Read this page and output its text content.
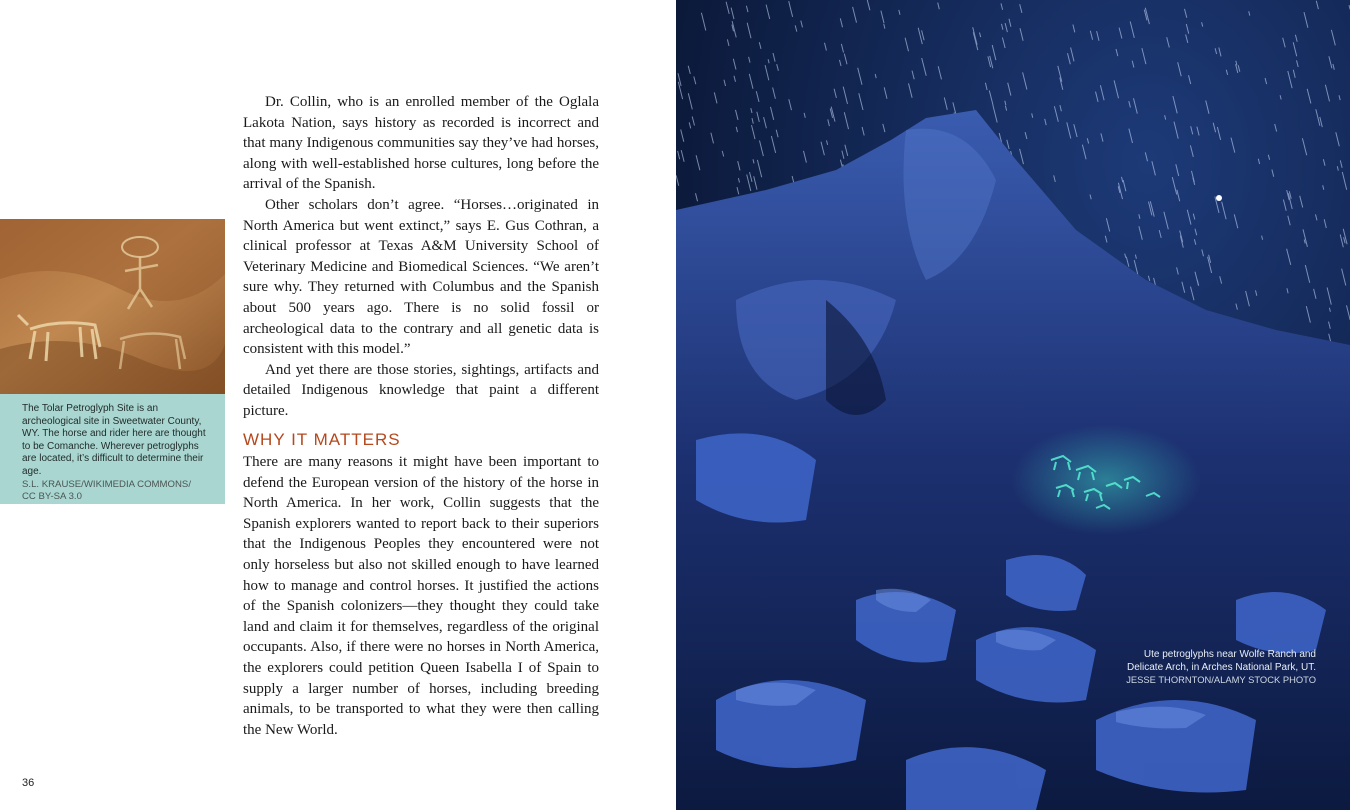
The Tolar Petroglyph Site is an archeological site in Sweetwater County, WY. The horse and rider here are thought to be Comanche. Wherever petroglyphs are located, it’s difficult to determine their age.
S.L. KRAUSE/WIKIMEDIA COMMONS/
CC BY-SA 3.0

Dr. Collin, who is an enrolled member of the Oglala Lakota Nation, says history as recorded is incorrect and that many Indigenous communities say they’ve had horses, along with well-established horse cultures, long before the arrival of the Spanish.

Other scholars don’t agree. “Horses…originated in North America but went extinct,” says E. Gus Cothran, a clinical professor at Texas A&M University School of Veterinary Medicine and Biomedical Sciences. “We aren’t sure why. They returned with Columbus and the Spanish about 500 years ago. There is no solid fossil or archeological data to the contrary and all genetic data is consistent with this model.”

And yet there are those stories, sightings, artifacts and detailed Indigenous knowledge that paint a different picture.

WHY IT MATTERS

There are many reasons it might have been important to defend the European version of the history of the horse in North America. In her work, Collin suggests that the Spanish explorers wanted to report back to their superiors that the Indigenous Peoples they encountered were not only horseless but also not skilled enough to have learned how to manage and control horses. It justified the actions of the Spanish colonizers—they thought they could take land and claim it for themselves, regardless of the original occupants. Also, if there were no horses in North America, the explorers could petition Queen Isabella I of Spain to supply a larger number of horses, including breeding animals, to be transported to what they were then calling the New World.

36
Ute petroglyphs near Wolfe Ranch and
Delicate Arch, in Arches National Park, UT.
JESSE THORNTON/ALAMY STOCK PHOTO
